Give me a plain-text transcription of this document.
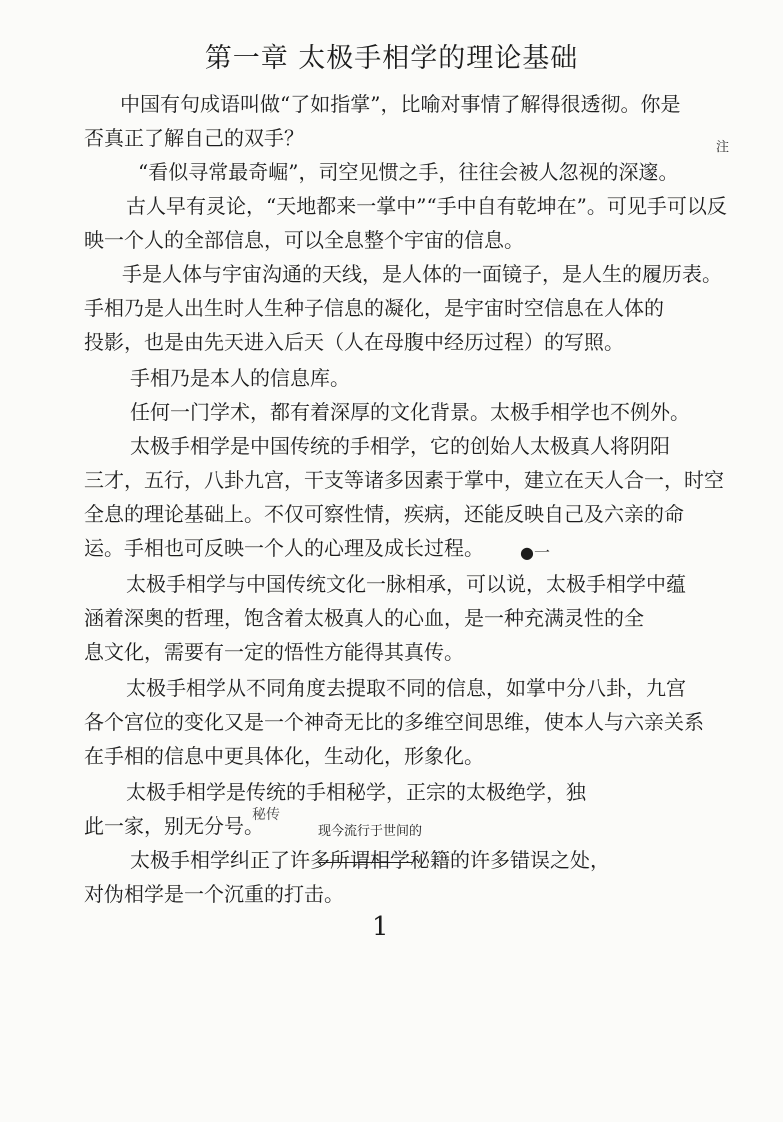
第一章 太极手相学的理论基础
中国有句成语叫做“了如指掌”，比喻对事情了解得很透彻。你是
否真正了解自己的双手？
“看似寻常最奇崛”，司空见惯之手，往往会被人忽视的深邃。
注
古人早有灵论，“天地都来一掌中”“手中自有乾坤在”。可见手可以反
映一个人的全部信息，可以全息整个宇宙的信息。
手是人体与宇宙沟通的天线，是人体的一面镜子，是人生的履历表。
手相乃是人出生时人生种子信息的凝化，是宇宙时空信息在人体的
投影，也是由先天进入后天（人在母腹中经历过程）的写照。
手相乃是本人的信息库。
任何一门学术，都有着深厚的文化背景。太极手相学也不例外。
太极手相学是中国传统的手相学，它的创始人太极真人将阴阳
三才，五行，八卦九宫，干支等诸多因素于掌中，建立在天人合一，时空
全息的理论基础上。不仅可察性情，疾病，还能反映自己及六亲的命
运。手相也可反映一个人的心理及成长过程。 ●一
太极手相学与中国传统文化一脉相承，可以说，太极手相学中蕴
涵着深奥的哲理，饱含着太极真人的心血，是一种充满灵性的全
息文化，需要有一定的悟性方能得其真传。
太极手相学从不同角度去提取不同的信息，如掌中分八卦，九宫
各个宫位的变化又是一个神奇无比的多维空间思维，使本人与六亲关系
在手相的信息中更具体化，生动化，形象化。
太极手相学是传统的手相秘学，正宗的太极绝学，独
秘传
此一家，别无分号。	现今流行于世间的
太极手相学纠正了许多所谓相学秘籍的许多错误之处，
对伪相学是一个沉重的打击。
1
